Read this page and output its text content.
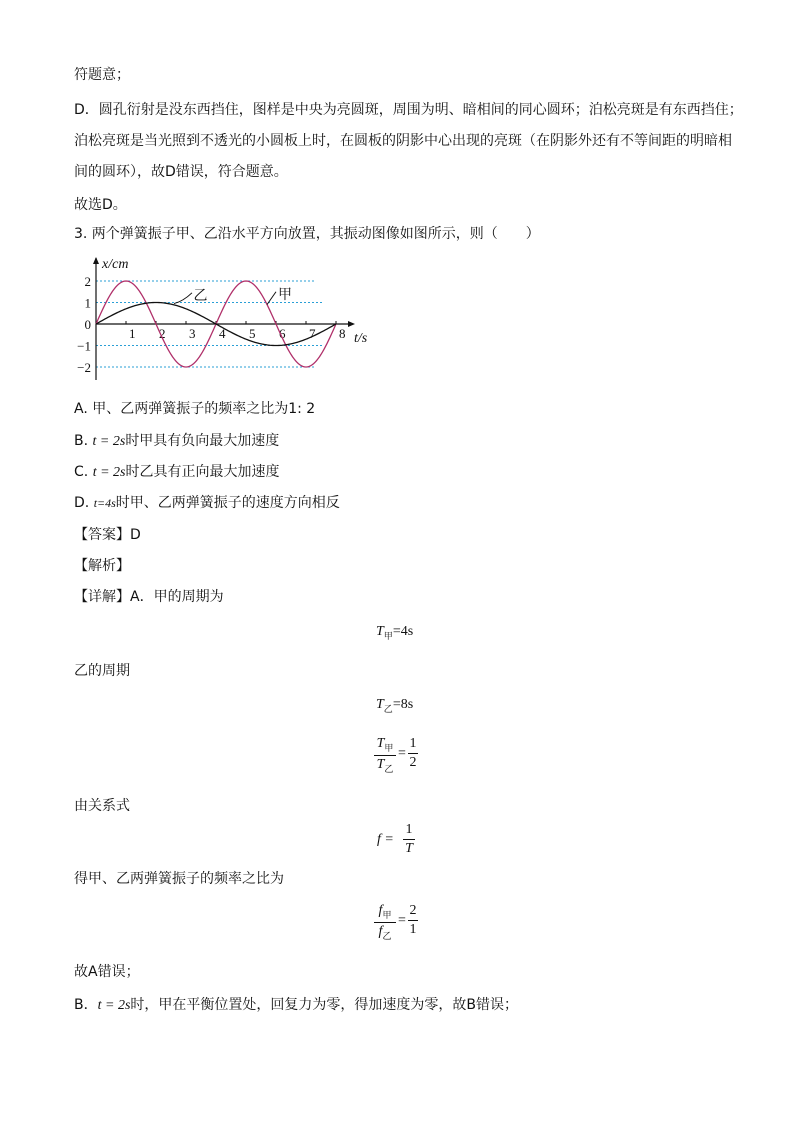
符题意；
D．圆孔衍射是没东西挡住，图样是中央为亮圆斑，周围为明、暗相间的同心圆环；泊松亮斑是有东西挡住；
泊松亮斑是当光照到不透光的小圆板上时，在圆板的阴影中心出现的亮斑（在阴影外还有不等间距的明暗相
间的圆环），故D错误，符合题意。
故选D。
3. 两个弹簧振子甲、乙沿水平方向放置，其振动图像如图所示，则（　　）
1 2 3 4 5 6 7 8
2
1
0
−1
−2
x/cm
t/s
甲
乙
A. 甲、乙两弹簧振子的频率之比为1: 2
B. t = 2s时甲具有负向最大加速度
C. t = 2s时乙具有正向最大加速度
D. t=4s时甲、乙两弹簧振子的速度方向相反
【答案】D
【解析】
【详解】A．甲的周期为
$T_甲=4s$
乙的周期
$T_乙=8s$
$T_甲$
$T_乙$
=
1
2
由关系式
f =
1
T
得甲、乙两弹簧振子的频率之比为
$f_甲$
$f_乙$
=
2
1
故A错误；
B．t = 2s时，甲在平衡位置处，回复力为零，得加速度为零，故B错误；
